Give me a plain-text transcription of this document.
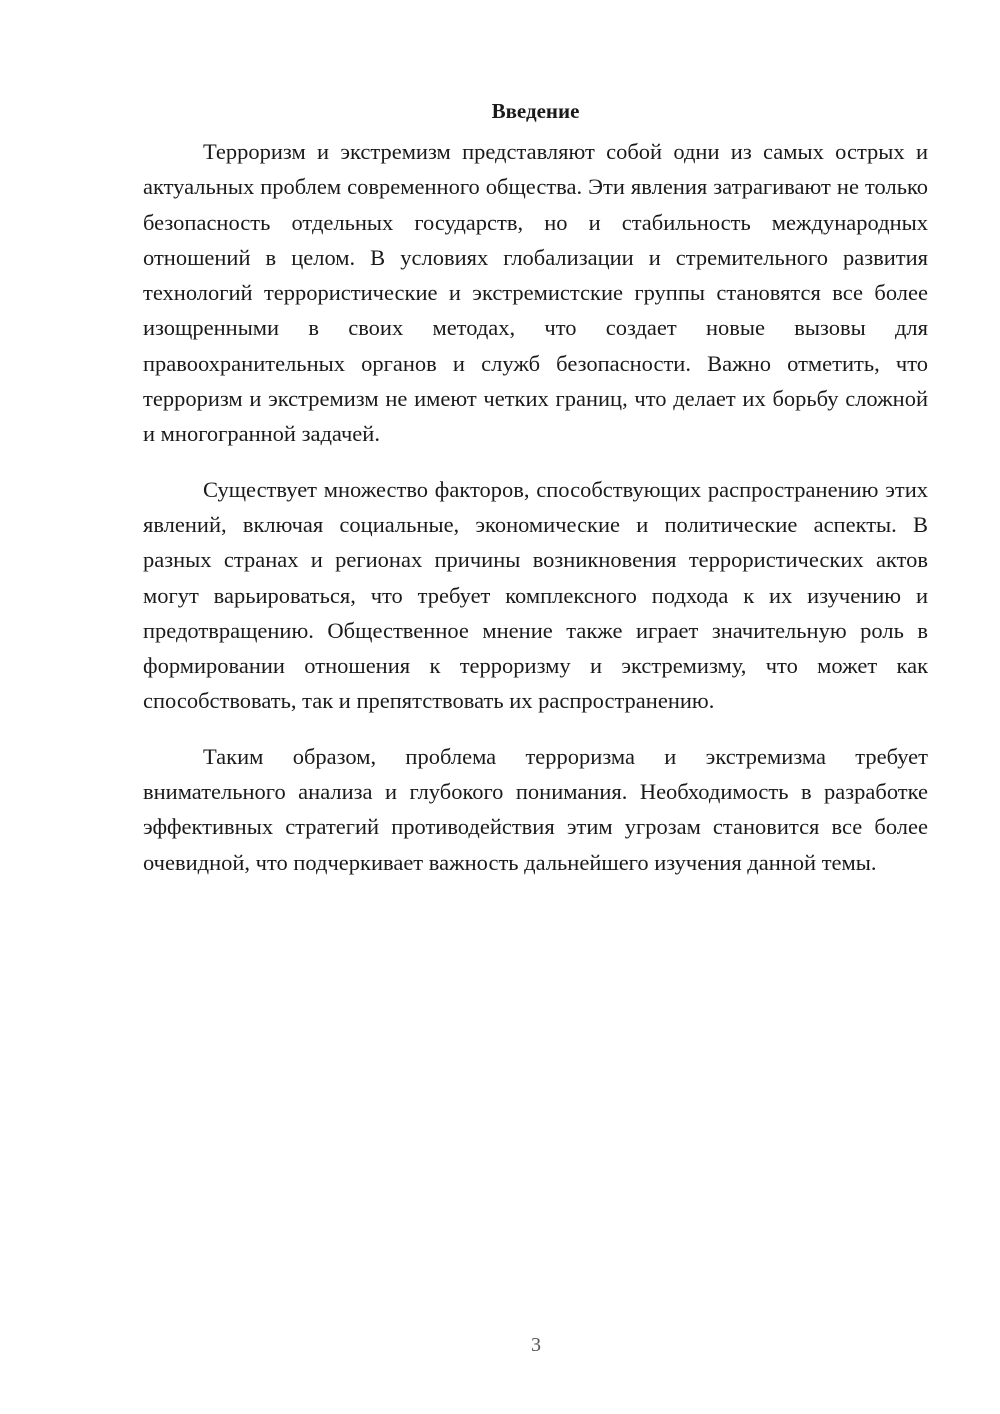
Введение

Терроризм и экстремизм представляют собой одни из самых острых и актуальных проблем современного общества. Эти явления затрагивают не только безопасность отдельных государств, но и стабильность международных отношений в целом. В условиях глобализации и стремительного развития технологий террористические и экстремистские группы становятся все более изощренными в своих методах, что создает новые вызовы для правоохранительных органов и служб безопасности. Важно отметить, что терроризм и экстремизм не имеют четких границ, что делает их борьбу сложной и многогранной задачей.

Существует множество факторов, способствующих распространению этих явлений, включая социальные, экономические и политические аспекты. В разных странах и регионах причины возникновения террористических актов могут варьироваться, что требует комплексного подхода к их изучению и предотвращению. Общественное мнение также играет значительную роль в формировании отношения к терроризму и экстремизму, что может как способствовать, так и препятствовать их распространению.

Таким образом, проблема терроризма и экстремизма требует внимательного анализа и глубокого понимания. Необходимость в разработке эффективных стратегий противодействия этим угрозам становится все более очевидной, что подчеркивает важность дальнейшего изучения данной темы.

3
